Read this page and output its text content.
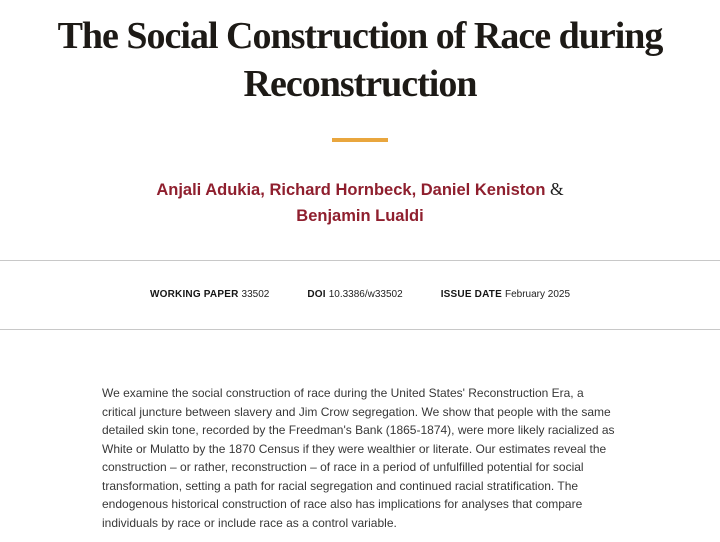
The Social Construction of Race during
Reconstruction
Anjali Adukia, Richard Hornbeck, Daniel Keniston &
Benjamin Lualdi
WORKING PAPER 33502	DOI 10.3386/w33502	ISSUE DATE February 2025

We examine the social construction of race during the United States' Reconstruction Era, a critical juncture between slavery and Jim Crow segregation. We show that people with the same detailed skin tone, recorded by the Freedman's Bank (1865-1874), were more likely racialized as White or Mulatto by the 1870 Census if they were wealthier or literate. Our estimates reveal the construction – or rather, reconstruction – of race in a period of unfulfilled potential for social transformation, setting a path for racial segregation and continued racial stratification. The endogenous historical construction of race also has implications for analyses that compare individuals by race or include race as a control variable.
